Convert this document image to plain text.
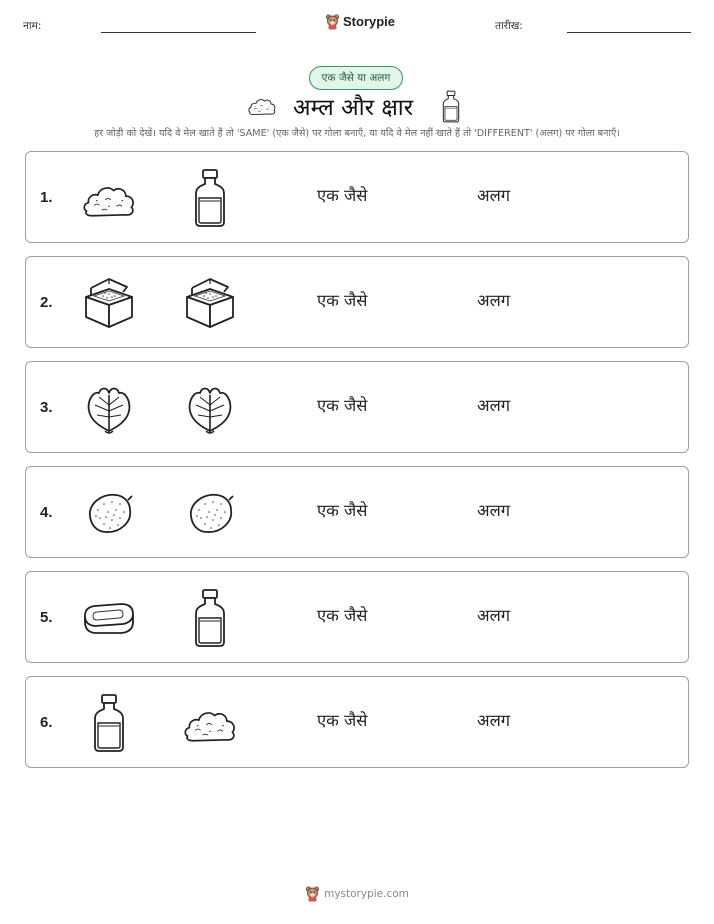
नाम:	Storypie	तारीख:
एक जैसे या अलग
अम्ल और क्षार
हर जोड़ी को देखें। यदि वे मेल खाते हैं तो 'SAME' (एक जैसे) पर गोला बनाएँ, या यदि वे मेल नहीं खाते हैं तो 'DIFFERENT' (अलग) पर गोला बनाएँ।
1.	एक जैसे	अलग
2.	एक जैसे	अलग
3.	एक जैसे	अलग
4.	एक जैसे	अलग
5.	एक जैसे	अलग
6.	एक जैसे	अलग
mystorypie.com
